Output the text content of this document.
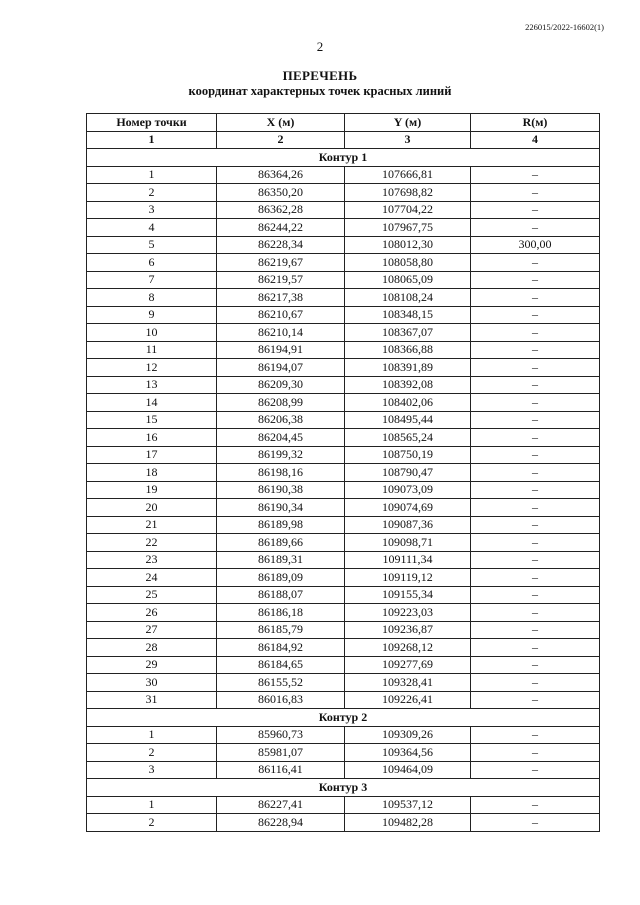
226015/2022-16602(1)
2
ПЕРЕЧЕНЬ
координат характерных точек красных линий
Номер точки	X (м)	Y (м)	R(м)
1	2	3	4
Контур 1			
1	86364,26	107666,81	–
2	86350,20	107698,82	–
3	86362,28	107704,22	–
4	86244,22	107967,75	–
5	86228,34	108012,30	300,00
6	86219,67	108058,80	–
7	86219,57	108065,09	–
8	86217,38	108108,24	–
9	86210,67	108348,15	–
10	86210,14	108367,07	–
11	86194,91	108366,88	–
12	86194,07	108391,89	–
13	86209,30	108392,08	–
14	86208,99	108402,06	–
15	86206,38	108495,44	–
16	86204,45	108565,24	–
17	86199,32	108750,19	–
18	86198,16	108790,47	–
19	86190,38	109073,09	–
20	86190,34	109074,69	–
21	86189,98	109087,36	–
22	86189,66	109098,71	–
23	86189,31	109111,34	–
24	86189,09	109119,12	–
25	86188,07	109155,34	–
26	86186,18	109223,03	–
27	86185,79	109236,87	–
28	86184,92	109268,12	–
29	86184,65	109277,69	–
30	86155,52	109328,41	–
31	86016,83	109226,41	–
Контур 2			
1	85960,73	109309,26	–
2	85981,07	109364,56	–
3	86116,41	109464,09	–
Контур 3			
1	86227,41	109537,12	–
2	86228,94	109482,28	–
